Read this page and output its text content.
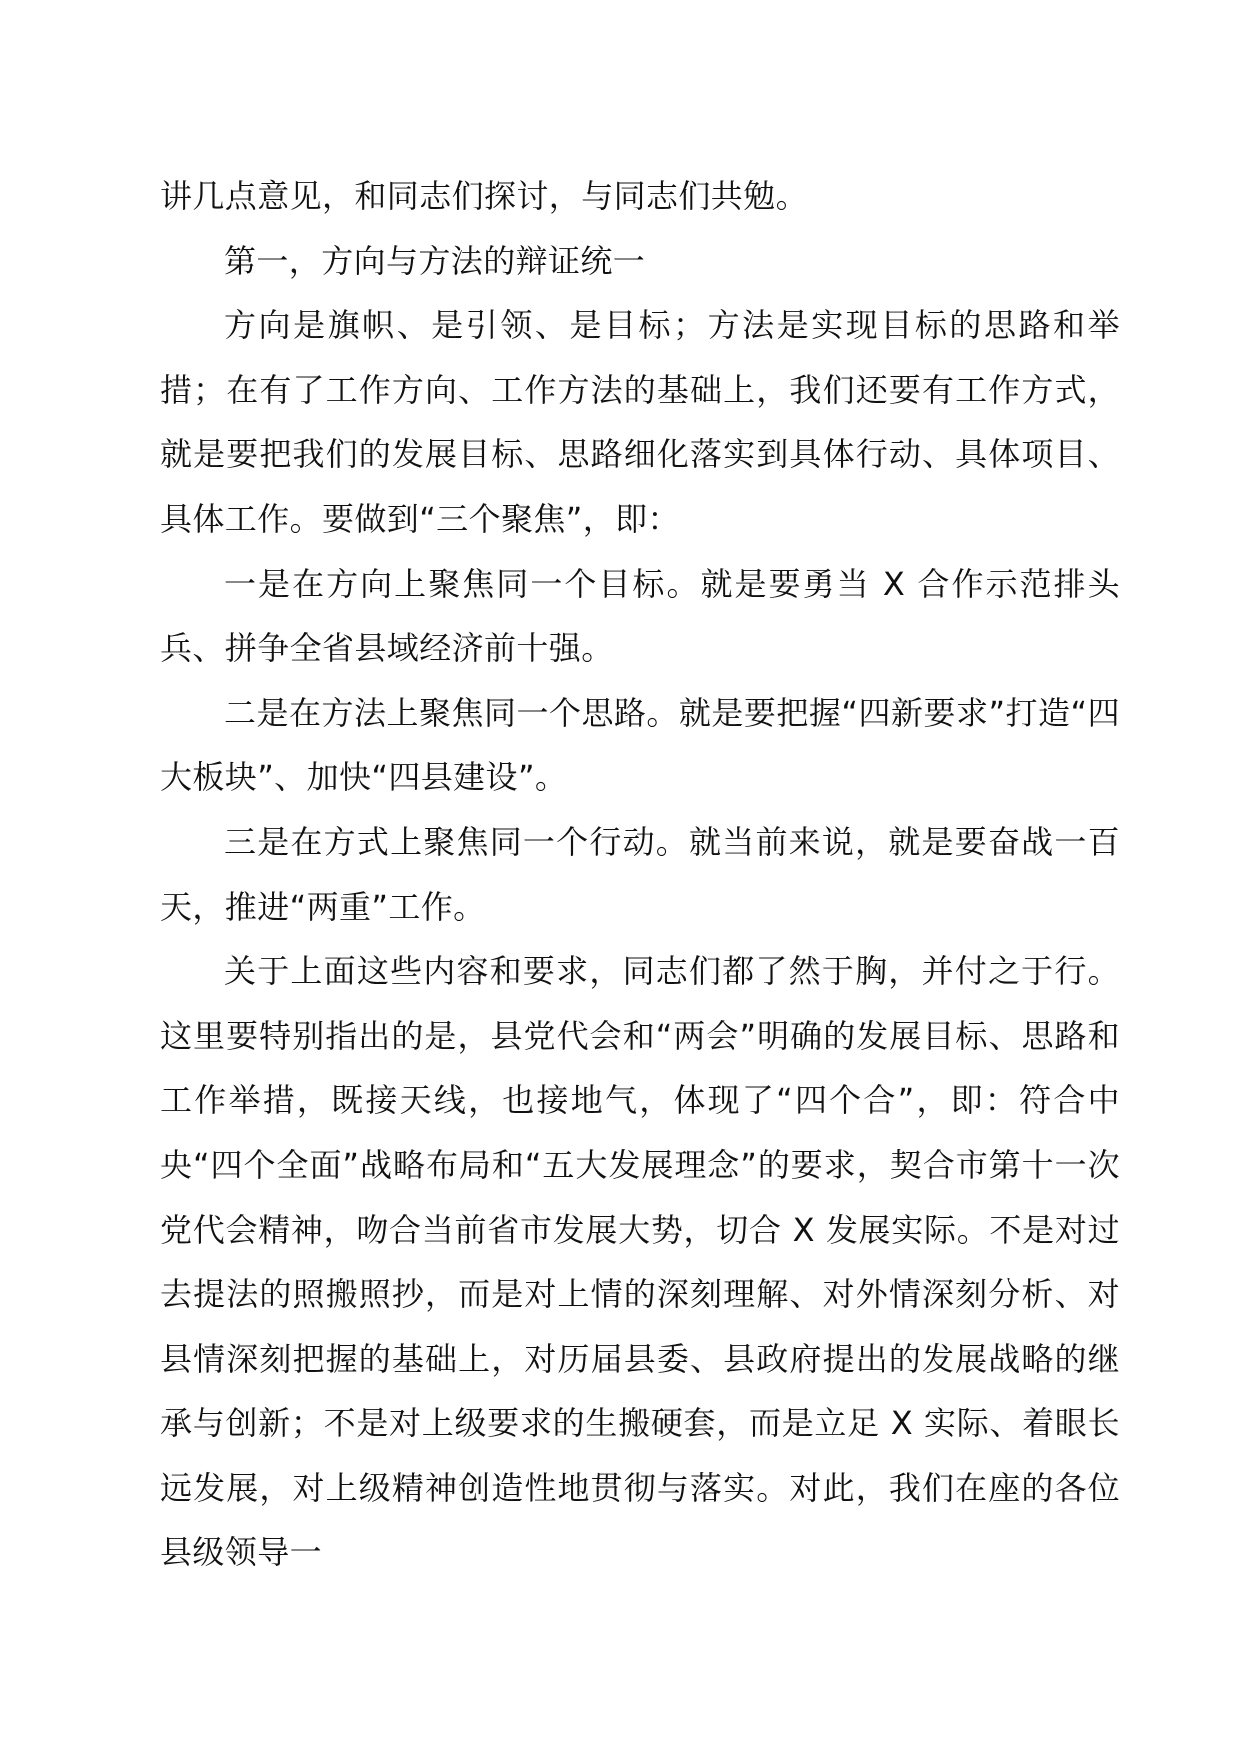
讲几点意见，和同志们探讨，与同志们共勉。

第一，方向与方法的辩证统一

方向是旗帜、是引领、是目标；方法是实现目标的思路和举措；在有了工作方向、工作方法的基础上，我们还要有工作方式，就是要把我们的发展目标、思路细化落实到具体行动、具体项目、具体工作。要做到“三个聚焦”，即：

一是在方向上聚焦同一个目标。就是要勇当 X 合作示范排头兵、拼争全省县域经济前十强。

二是在方法上聚焦同一个思路。就是要把握“四新要求”打造“四大板块”、加快“四县建设”。

三是在方式上聚焦同一个行动。就当前来说，就是要奋战一百天，推进“两重”工作。

关于上面这些内容和要求，同志们都了然于胸，并付之于行。这里要特别指出的是，县党代会和“两会”明确的发展目标、思路和工作举措，既接天线，也接地气，体现了“四个合”，即：符合中央“四个全面”战略布局和“五大发展理念”的要求，契合市第十一次党代会精神，吻合当前省市发展大势，切合 X 发展实际。不是对过去提法的照搬照抄，而是对上情的深刻理解、对外情深刻分析、对县情深刻把握的基础上，对历届县委、县政府提出的发展战略的继承与创新；不是对上级要求的生搬硬套，而是立足 X 实际、着眼长远发展，对上级精神创造性地贯彻与落实。对此，我们在座的各位县级领导一
